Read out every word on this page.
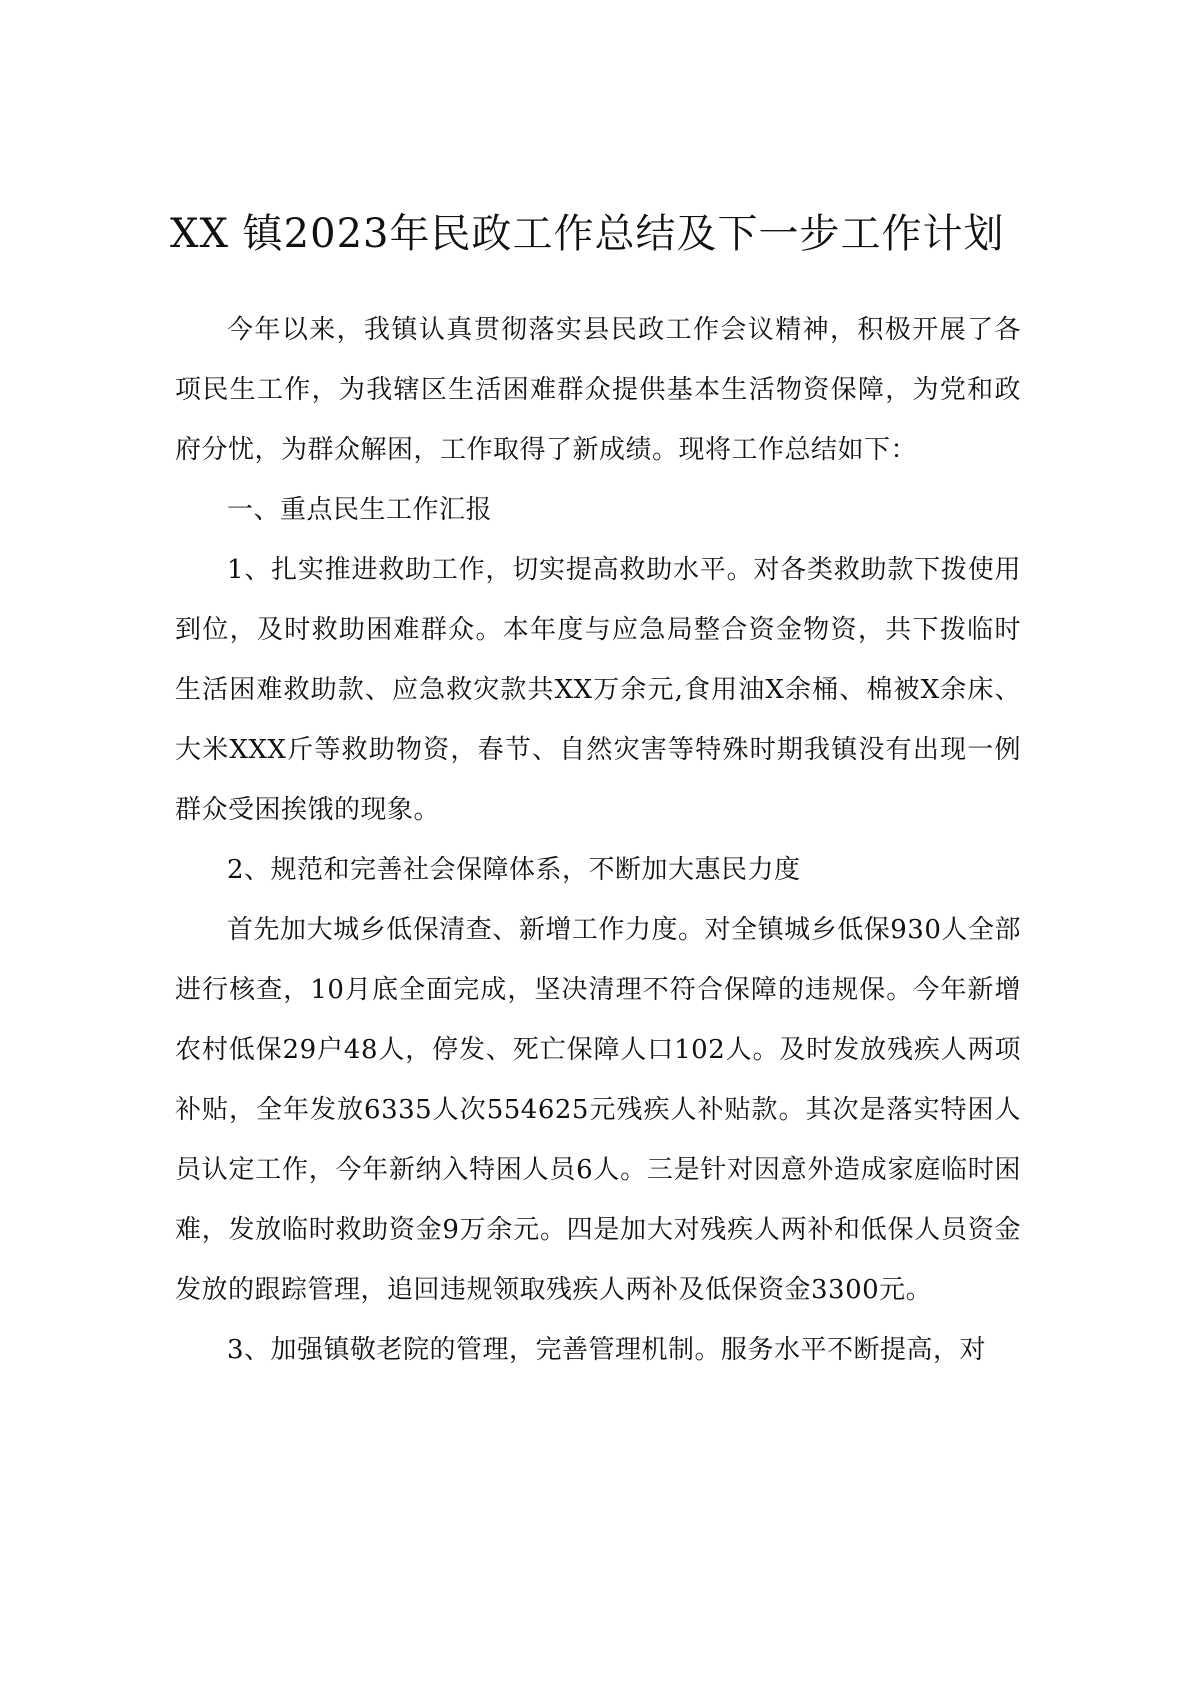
XX 镇2023年民政工作总结及下一步工作计划

今年以来，我镇认真贯彻落实县民政工作会议精神，积极开展了各项民生工作，为我辖区生活困难群众提供基本生活物资保障，为党和政府分忧，为群众解困，工作取得了新成绩。现将工作总结如下：

一、重点民生工作汇报

1、扎实推进救助工作，切实提高救助水平。对各类救助款下拨使用到位，及时救助困难群众。本年度与应急局整合资金物资，共下拨临时生活困难救助款、应急救灾款共XX万余元,食用油X余桶、棉被X余床、大米XXX斤等救助物资，春节、自然灾害等特殊时期我镇没有出现一例群众受困挨饿的现象。

2、规范和完善社会保障体系，不断加大惠民力度

首先加大城乡低保清查、新增工作力度。对全镇城乡低保930人全部进行核查，10月底全面完成，坚决清理不符合保障的违规保。今年新增农村低保29户48人，停发、死亡保障人口102人。及时发放残疾人两项补贴，全年发放6335人次554625元残疾人补贴款。其次是落实特困人员认定工作，今年新纳入特困人员6人。三是针对因意外造成家庭临时困难，发放临时救助资金9万余元。四是加大对残疾人两补和低保人员资金发放的跟踪管理，追回违规领取残疾人两补及低保资金3300元。

3、加强镇敬老院的管理，完善管理机制。服务水平不断提高，对
